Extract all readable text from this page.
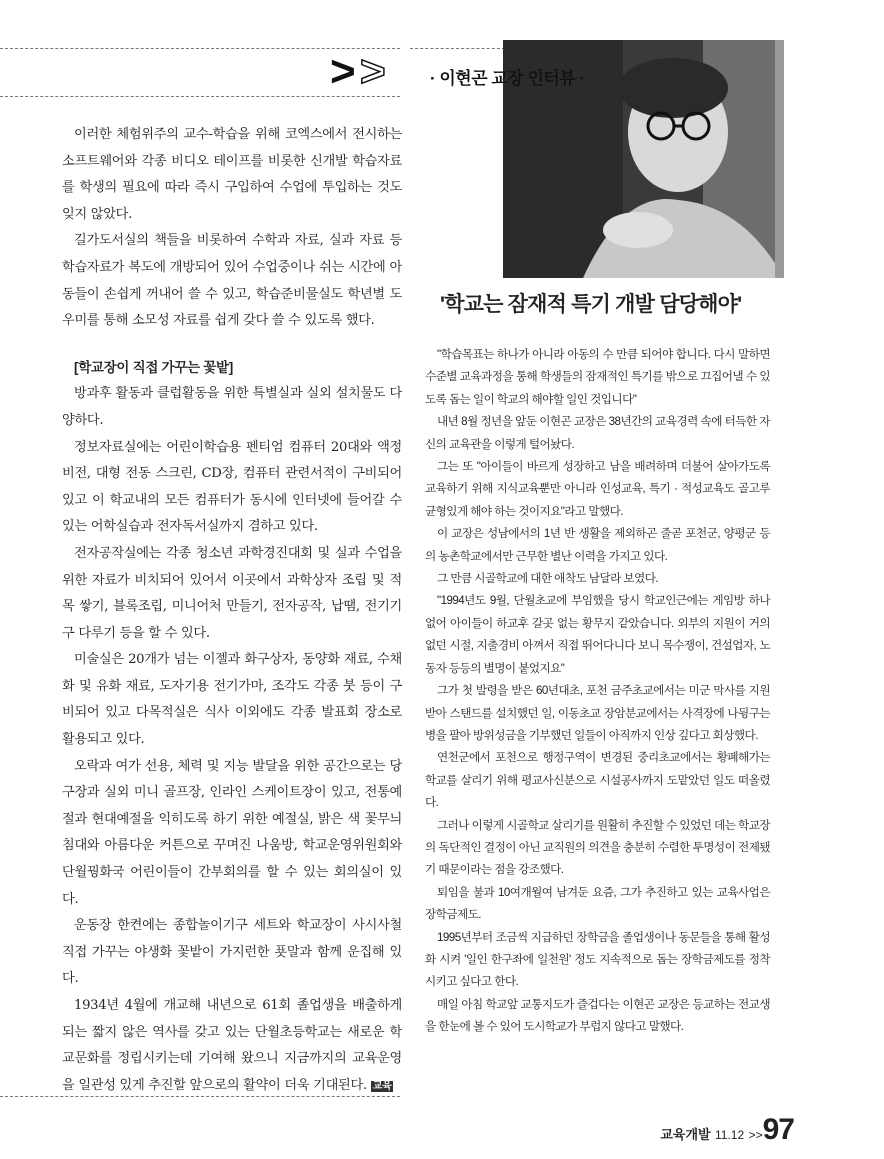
> >

이러한 체험위주의 교수-학습을 위해 코엑스에서 전시하는 소프트웨어와 각종 비디오 테이프를 비롯한 신개발 학습자료를 학생의 필요에 따라 즉시 구입하여 수업에 투입하는 것도 잊지 않았다.

길가도서실의 책들을 비롯하여 수학과 자료, 실과 자료 등 학습자료가 복도에 개방되어 있어 수업중이나 쉬는 시간에 아동들이 손쉽게 꺼내어 쓸 수 있고, 학습준비물실도 학년별 도우미를 통해 소모성 자료를 쉽게 갖다 쓸 수 있도록 했다.

[학교장이 직접 가꾸는 꽃밭]

방과후 활동과 클럽활동을 위한 특별실과 실외 설치물도 다양하다.

정보자료실에는 어린이학습용 펜티엄 컴퓨터 20대와 액정비전, 대형 전동 스크린, CD장, 컴퓨터 관련서적이 구비되어 있고 이 학교내의 모든 컴퓨터가 동시에 인터넷에 들어갈 수 있는 어학실습과 전자독서실까지 겸하고 있다.

전자공작실에는 각종 청소년 과학경진대회 및 실과 수업을 위한 자료가 비치되어 있어서 이곳에서 과학상자 조립 및 적목 쌓기, 블록조립, 미니어처 만들기, 전자공작, 납땜, 전기기구 다루기 등을 할 수 있다.

미술실은 20개가 넘는 이젤과 화구상자, 동양화 재료, 수채화 및 유화 재료, 도자기용 전기가마, 조각도 각종 붓 등이 구비되어 있고 다목적실은 식사 이외에도 각종 발표회 장소로 활용되고 있다.

오락과 여가 선용, 체력 및 지능 발달을 위한 공간으로는 당구장과 실외 미니 골프장, 인라인 스케이트장이 있고, 전통예절과 현대예절을 익히도록 하기 위한 예절실, 밝은 색 꽃무늬 침대와 아름다운 커튼으로 꾸며진 나움방, 학교운영위원회와 단월꿩화국 어린이들이 간부회의를 할 수 있는 회의실이 있다.

운동장 한켠에는 종합놀이기구 세트와 학교장이 사시사철 직접 가꾸는 야생화 꽃밭이 가지런한 푯말과 함께 운집해 있다.

1934년 4월에 개교해 내년으로 61회 졸업생을 배출하게 되는 짧지 않은 역사를 갖고 있는 단월초등학교는 새로운 학교문화를 정립시키는데 기여해 왔으니 지금까지의 교육운영을 일관성 있게 추진할 앞으로의 활약이 더욱 기대된다. 교육

· 이현곤 교장 인터뷰 ·
'학교는 잠재적 특기 개발 담당해야'

"학습목표는 하나가 아니라 아동의 수 만큼 되어야 합니다. 다시 말하면 수준별 교육과정을 통해 학생들의 잠재적인 특기를 밖으로 끄집어낼 수 있도록 돕는 일이 학교의 해야할 일인 것입니다"

내년 8월 정년을 앞둔 이현곤 교장은 38년간의 교육경력 속에 터득한 자신의 교육관을 이렇게 털어놨다.

그는 또 "아이들이 바르게 성장하고 남을 배려하며 더불어 살아가도록 교육하기 위해 지식교육뿐만 아니라 인성교육, 특기 · 적성교육도 골고루 균형있게 해야 하는 것이지요"라고 말했다.

이 교장은 성남에서의 1년 반 생활을 제외하곤 줄곧 포천군, 양평군 등의 농촌학교에서만 근무한 별난 이력을 가지고 있다.

그 만큼 시골학교에 대한 애착도 남달라 보였다.

"1994년도 9월, 단월초교에 부임했을 당시 학교인근에는 게임방 하나 없어 아이들이 하교후 갈곳 없는 황무지 같았습니다. 외부의 지원이 거의 없던 시절, 지출경비 아껴서 직접 뛰어다니다 보니 목수쟁이, 건설업자, 노동자 등등의 별명이 붙었지요"

그가 첫 발령을 받은 60년대초, 포천 금주초교에서는 미군 막사를 지원 받아 스탠드를 설치했던 일, 이동초교 장암분교에서는 사격장에 나뒹구는 병을 팔아 방위성금을 기부했던 일들이 아직까지 인상 깊다고 회상했다.

연천군에서 포천으로 행정구역이 변경된 중리초교에서는 황폐해가는 학교를 살리기 위해 평교사신분으로 시설공사까지 도맡았던 일도 떠올렸다.

그러나 이렇게 시골학교 살리기를 원활히 추진할 수 있었던 데는 학교장의 독단적인 결정이 아닌 교직원의 의견을 충분히 수렴한 투명성이 전제됐기 때문이라는 점을 강조했다.

퇴임을 불과 10여개월여 남겨둔 요즘, 그가 추진하고 있는 교육사업은 장학금제도.

1995년부터 조금씩 지급하던 장학금을 졸업생이나 동문들을 통해 활성화 시켜 '일인 한구좌에 일천원' 정도 지속적으로 돕는 장학금제도를 정착시키고 싶다고 한다.

매일 아침 학교앞 교통지도가 즐겁다는 이현곤 교장은 등교하는 전교생을 한눈에 볼 수 있어 도시학교가 부럽지 않다고 말했다.

교육개발 11.12 >>97
